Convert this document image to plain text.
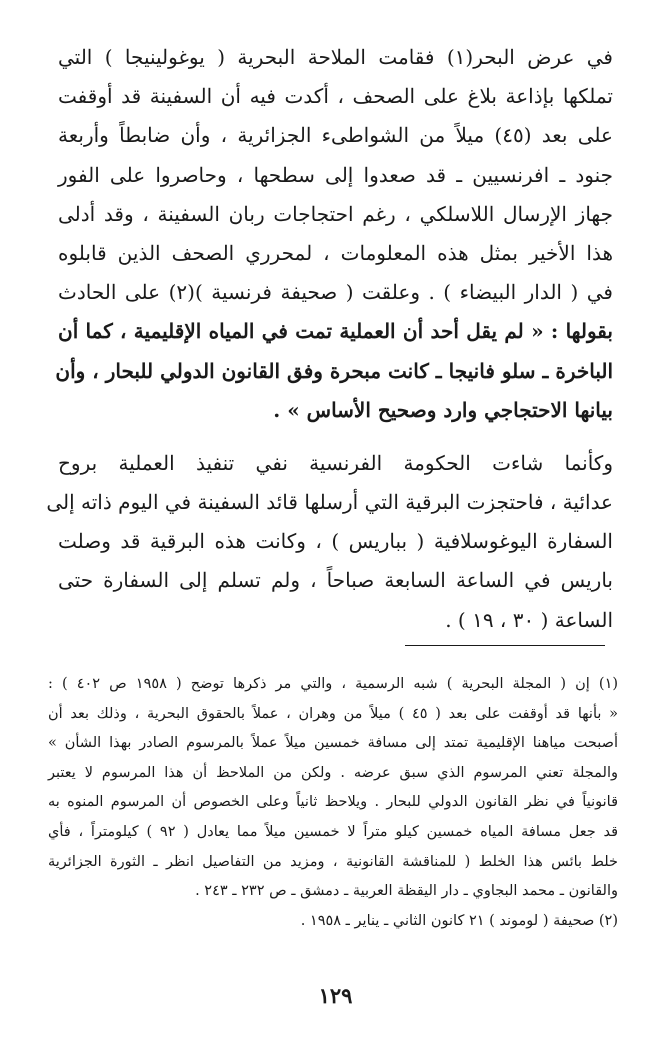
في عرض البحر(١) فقامت الملاحة البحرية ( يوغولينيجا ) التي
تملكها بإذاعة بلاغ على الصحف ، أكدت فيه أن السفينة قد أوقفت
على بعد (٤٥) ميلاً من الشواطىء الجزائرية ، وأن ضابطاً وأربعة
جنود ـ افرنسيين ـ قد صعدوا إلى سطحها ، وحاصروا على الفور
جهاز الإرسال اللاسلكي ، رغم احتجاجات ربان السفينة ، وقد أدلى
هذا الأخير بمثل هذه المعلومات ، لمحرري الصحف الذين قابلوه
في ( الدار البيضاء ) . وعلقت ( صحيفة فرنسية )(٢) على الحادث
بقولها : « لم يقل أحد أن العملية تمت في المياه الإقليمية ، كما أن
الباخرة ـ سلو فانيجا ـ كانت مبحرة وفق القانون الدولي للبحار ، وأن
بيانها الاحتجاجي وارد وصحيح الأساس » .
وكأنما شاءت الحكومة الفرنسية نفي تنفيذ العملية بروح
عدائية ، فاحتجزت البرقية التي أرسلها قائد السفينة في اليوم ذاته إلى
السفارة اليوغوسلافية ( بباريس ) ، وكانت هذه البرقية قد وصلت
باريس في الساعة السابعة صباحاً ، ولم تسلم إلى السفارة حتى
الساعة ( ٣٠ ، ١٩ ) .
(١) إن ( المجلة البحرية ) شبه الرسمية ، والتي مر ذكرها توضح ( ١٩٥٨ ص ٤٠٢ ) :
« بأنها قد أوقفت على بعد ( ٤٥ ) ميلاً من وهران ، عملاً بالحقوق البحرية ، وذلك بعد أن
أصبحت مياهنا الإقليمية تمتد إلى مسافة خمسين ميلاً عملاً بالمرسوم الصادر بهذا الشأن »
والمجلة تعني المرسوم الذي سبق عرضه . ولكن من الملاحظ أن هذا المرسوم لا يعتبر
قانونياً في نظر القانون الدولي للبحار . ويلاحظ ثانياً وعلى الخصوص أن المرسوم المنوه به
قد جعل مسافة المياه خمسين كيلو متراً لا خمسين ميلاً مما يعادل ( ٩٢ ) كيلومتراً ، فأي
خلط بائس هذا الخلط ( للمناقشة القانونية ، ومزيد من التفاصيل انظر ـ الثورة الجزائرية
والقانون ـ محمد البجاوي ـ دار اليقظة العربية ـ دمشق ـ ص ٢٣٢ ـ ٢٤٣ .
(٢) صحيفة ( لوموند ) ٢١ كانون الثاني ـ يناير ـ ١٩٥٨ .
١٢٩
